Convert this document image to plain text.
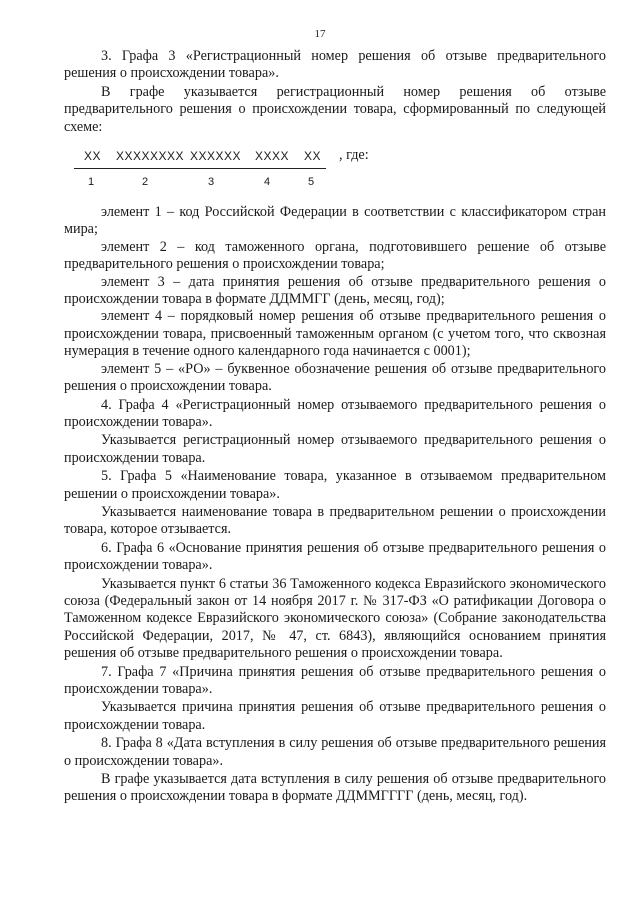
17

3. Графа 3 «Регистрационный номер решения об отзыве предварительного решения о происхождении товара».

В графе указывается регистрационный номер решения об отзыве предварительного решения о происхождении товара, сформированный по следующей схеме:

XX XXXXXXXX XXXXXX XXXX XX , где:
1	2	3	4	5

элемент 1 – код Российской Федерации в соответствии с классификатором стран мира;

элемент 2 – код таможенного органа, подготовившего решение об отзыве предварительного решения о происхождении товара;

элемент 3 – дата принятия решения об отзыве предварительного решения о происхождении товара в формате ДДММГГ (день, месяц, год);

элемент 4 – порядковый номер решения об отзыве предварительного решения о происхождении товара, присвоенный таможенным органом (с учетом того, что сквозная нумерация в течение одного календарного года начинается с 0001);

элемент 5 – «РО» – буквенное обозначение решения об отзыве предварительного решения о происхождении товара.

4. Графа 4 «Регистрационный номер отзываемого предварительного решения о происхождении товара».

Указывается регистрационный номер отзываемого предварительного решения о происхождении товара.

5. Графа 5 «Наименование товара, указанное в отзываемом предварительном решении о происхождении товара».

Указывается наименование товара в предварительном решении о происхождении товара, которое отзывается.

6. Графа 6 «Основание принятия решения об отзыве предварительного решения о происхождении товара».

Указывается пункт 6 статьи 36 Таможенного кодекса Евразийского экономического союза (Федеральный закон от 14 ноября 2017 г. № 317-ФЗ «О ратификации Договора о Таможенном кодексе Евразийского экономического союза» (Собрание законодательства Российской Федерации, 2017, № 47, ст. 6843), являющийся основанием принятия решения об отзыве предварительного решения о происхождении товара.

7. Графа 7 «Причина принятия решения об отзыве предварительного решения о происхождении товара».

Указывается причина принятия решения об отзыве предварительного решения о происхождении товара.

8. Графа 8 «Дата вступления в силу решения об отзыве предварительного решения о происхождении товара».

В графе указывается дата вступления в силу решения об отзыве предварительного решения о происхождении товара в формате ДДММГГГГ (день, месяц, год).
